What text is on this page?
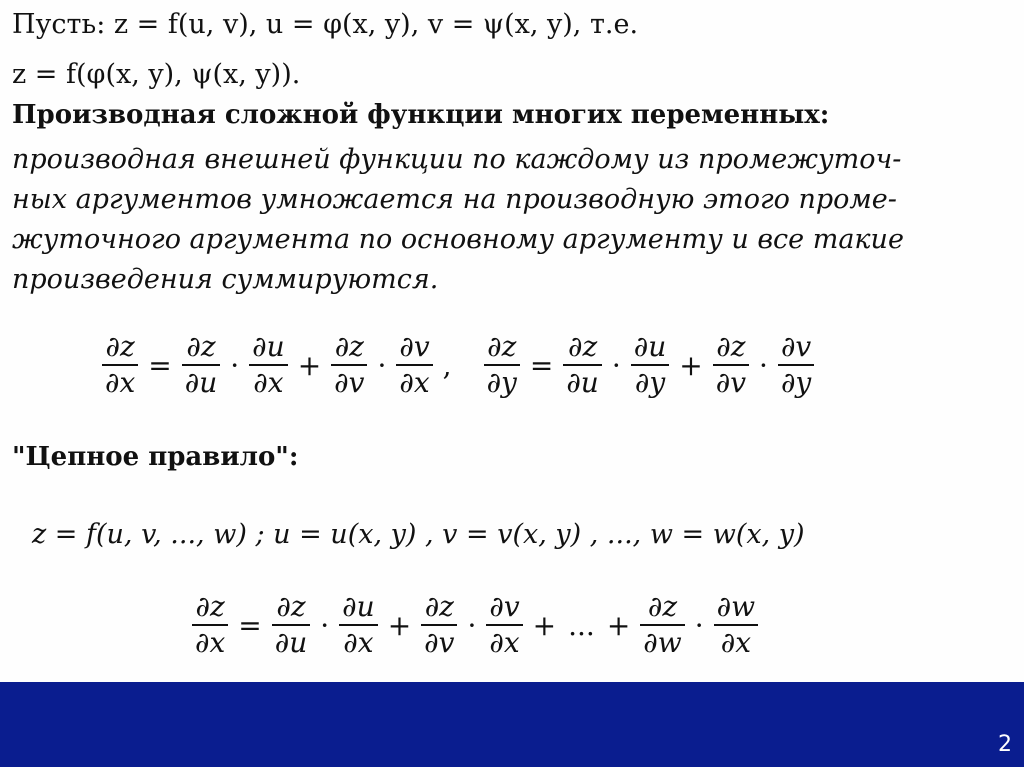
Пусть: z = f(u, v), u = φ(x, y), v = ψ(x, y), т.е.
z = f(φ(x, y), ψ(x, y)).
Производная сложной функции многих переменных:
производная внешней функции по каждому из промежуточ-
ных аргументов умножается на производную этого проме-
жуточного аргумента по основному аргументу и все такие
произведения суммируются.
$\frac{\partial z}{\partial x} = \frac{\partial z}{\partial u} \cdot \frac{\partial u}{\partial x} + \frac{\partial z}{\partial v} \cdot \frac{\partial v}{\partial x}$ , $\frac{\partial z}{\partial y} = \frac{\partial z}{\partial u} \cdot \frac{\partial u}{\partial y} + \frac{\partial z}{\partial v} \cdot \frac{\partial v}{\partial y}$
"Цепное правило":
z = f(u, v, ..., w) ; u = u(x, y) , v = v(x, y) , ..., w = w(x, y)
$\frac{\partial z}{\partial x} = \frac{\partial z}{\partial u} \cdot \frac{\partial u}{\partial x} + \frac{\partial z}{\partial v} \cdot \frac{\partial v}{\partial x}$ + ... + $\frac{\partial z}{\partial w} \cdot \frac{\partial w}{\partial x}$
2
